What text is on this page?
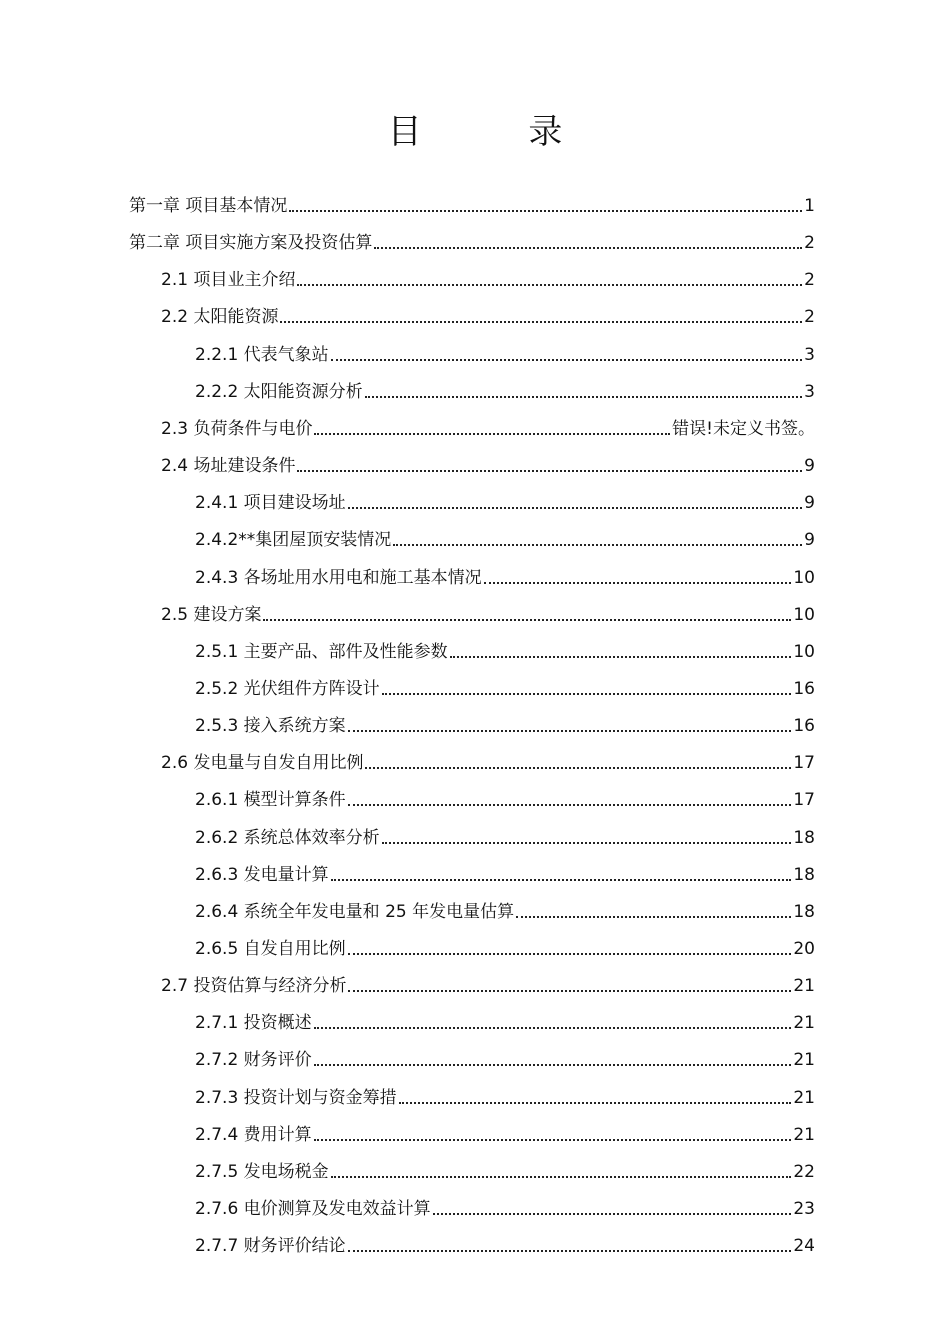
目 录
第一章 项目基本情况	1
第二章 项目实施方案及投资估算	2
2.1 项目业主介绍	2
2.2 太阳能资源	2
2.2.1 代表气象站	3
2.2.2 太阳能资源分析	3
2.3 负荷条件与电价	错误!未定义书签。
2.4 场址建设条件	9
2.4.1 项目建设场址	9
2.4.2**集团屋顶安装情况	9
2.4.3 各场址用水用电和施工基本情况	10
2.5 建设方案	10
2.5.1 主要产品、部件及性能参数	10
2.5.2 光伏组件方阵设计	16
2.5.3 接入系统方案	16
2.6 发电量与自发自用比例	17
2.6.1 模型计算条件	17
2.6.2 系统总体效率分析	18
2.6.3 发电量计算	18
2.6.4 系统全年发电量和 25 年发电量估算	18
2.6.5 自发自用比例	20
2.7 投资估算与经济分析	21
2.7.1 投资概述	21
2.7.2 财务评价	21
2.7.3 投资计划与资金筹措	21
2.7.4 费用计算	21
2.7.5 发电场税金	22
2.7.6 电价测算及发电效益计算	23
2.7.7 财务评价结论	24
